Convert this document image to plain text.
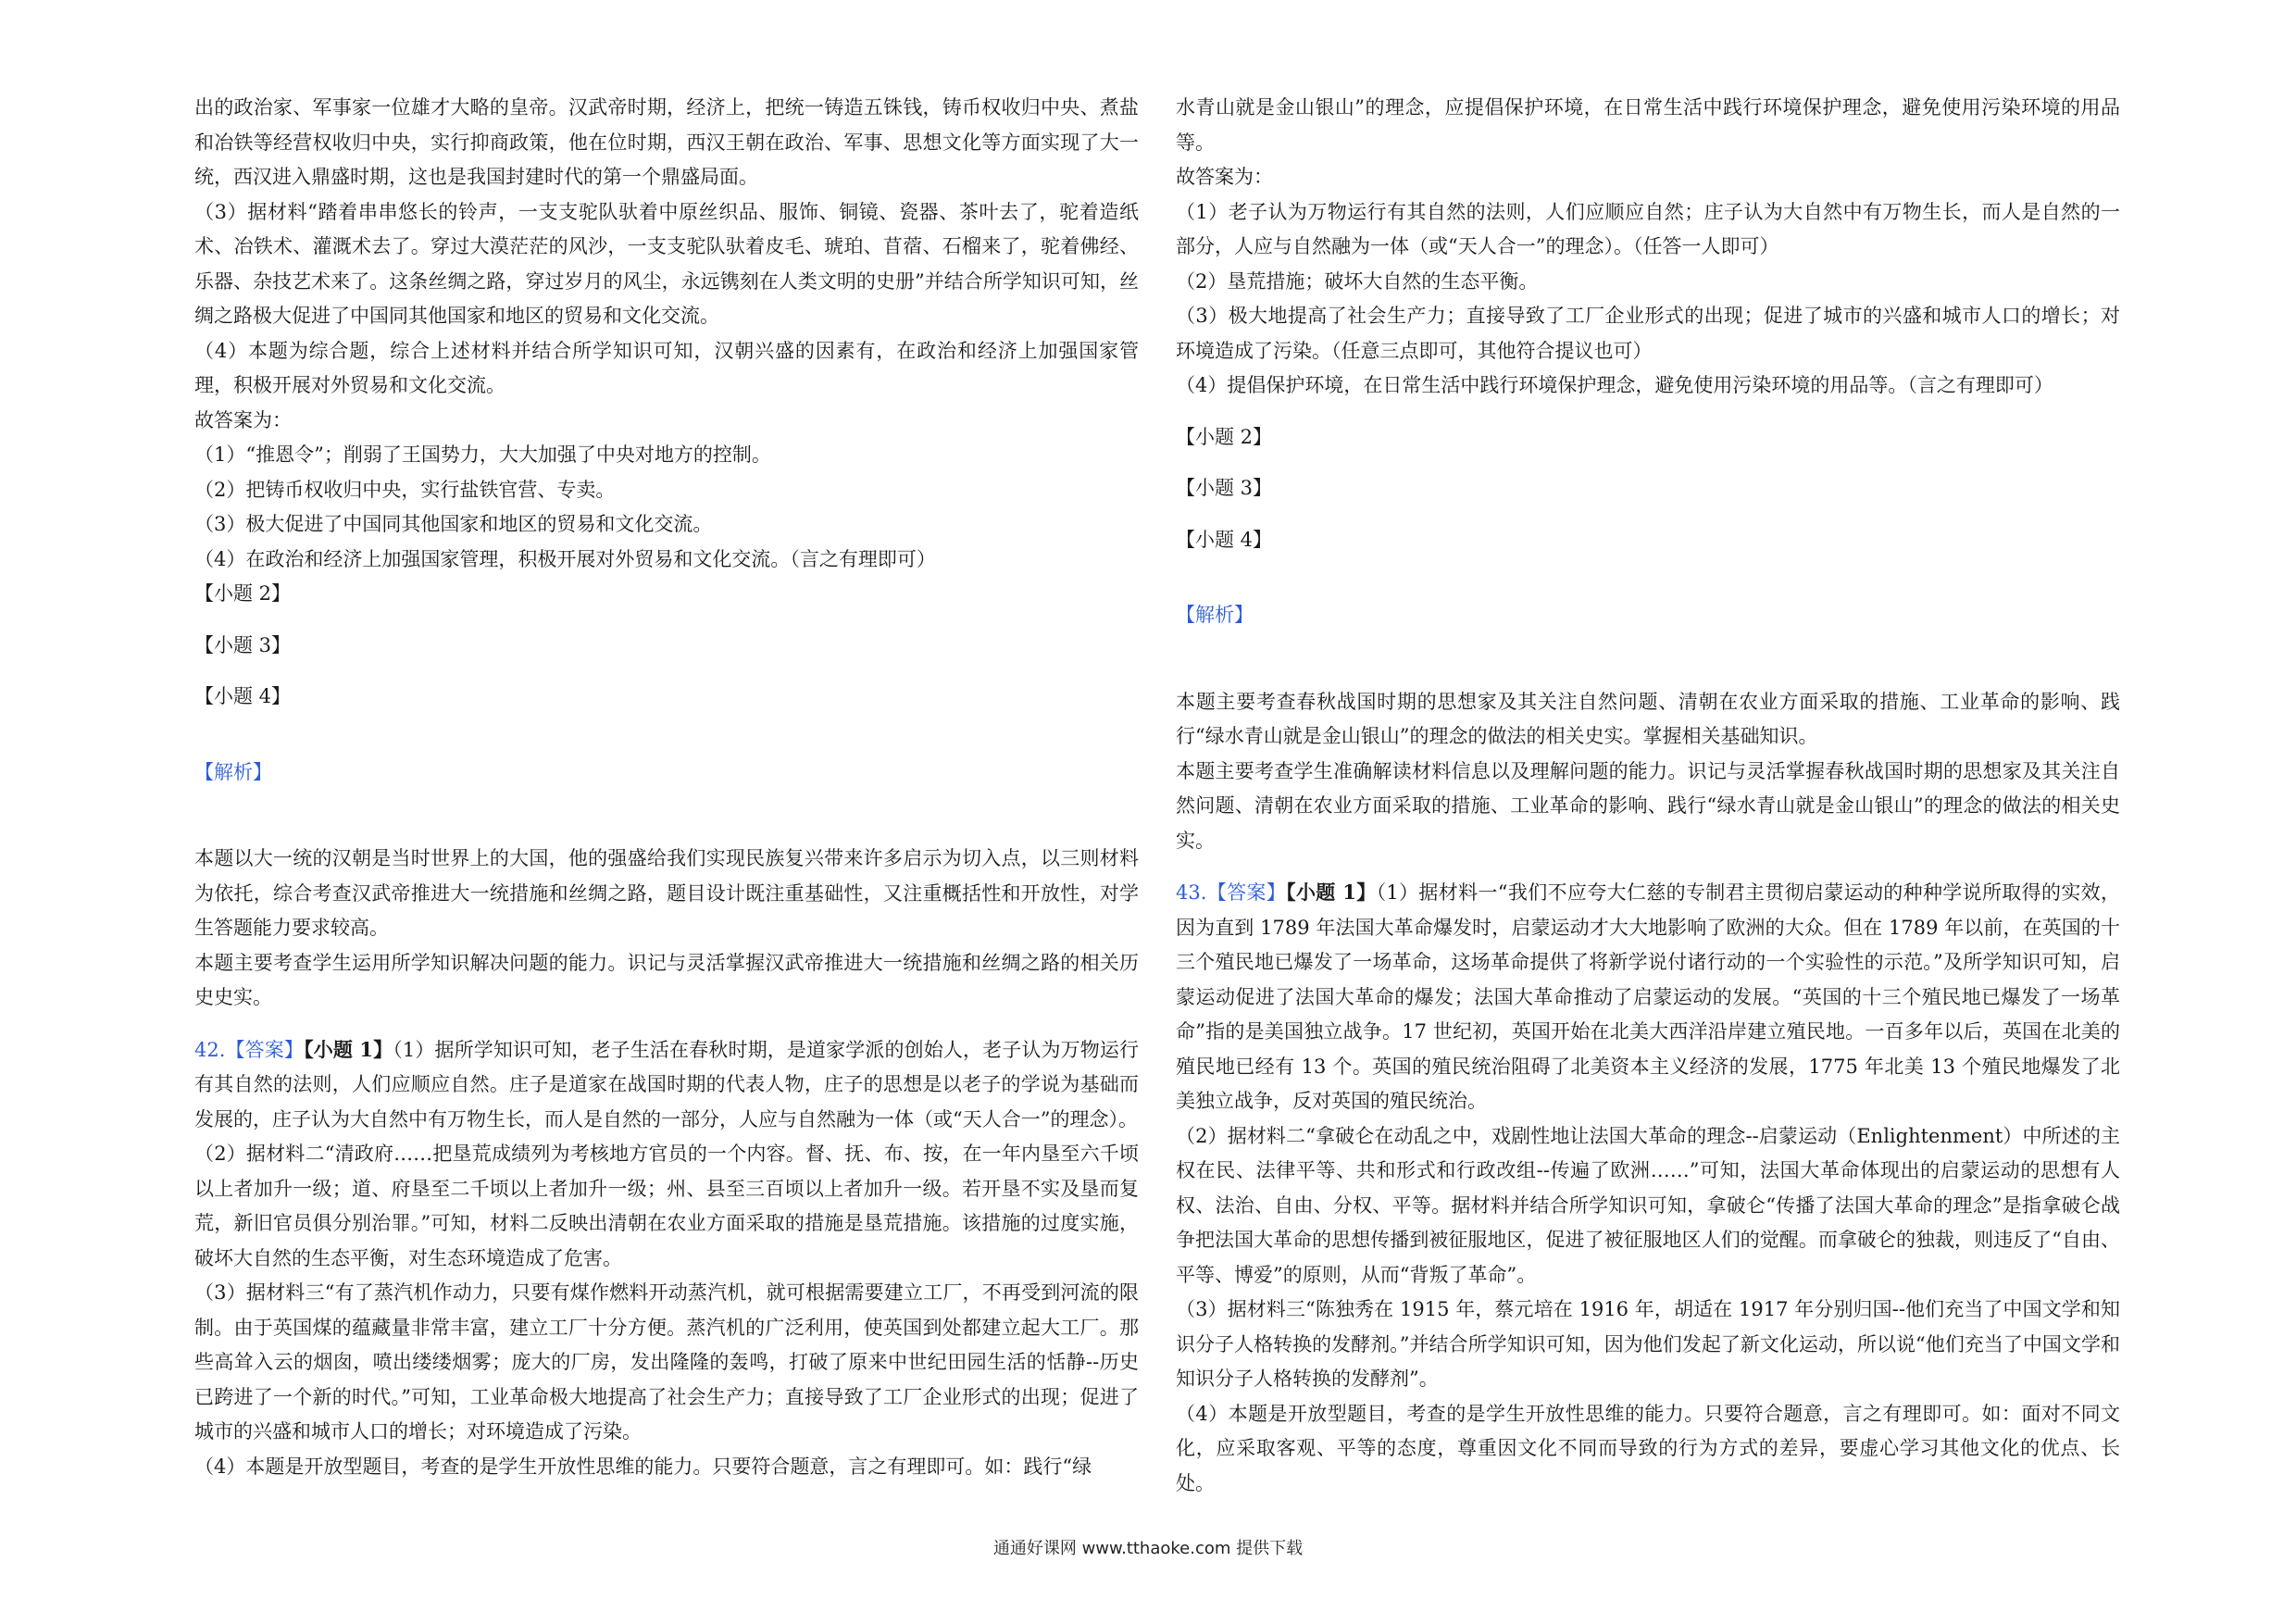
出的政治家、军事家一位雄才大略的皇帝。汉武帝时期，经济上，把统一铸造五铢钱，铸币权收归中央、煮盐和冶铁等经营权收归中央，实行抑商政策，他在位时期，西汉王朝在政治、军事、思想文化等方面实现了大一统，西汉进入鼎盛时期，这也是我国封建时代的第一个鼎盛局面。

（3）据材料“踏着串串悠长的铃声，一支支驼队驮着中原丝织品、服饰、铜镜、瓷器、茶叶去了，驼着造纸术、冶铁术、灌溉术去了。穿过大漠茫茫的风沙，一支支驼队驮着皮毛、琥珀、苜蓿、石榴来了，驼着佛经、乐器、杂技艺术来了。这条丝绸之路，穿过岁月的风尘，永远镌刻在人类文明的史册”并结合所学知识可知，丝绸之路极大促进了中国同其他国家和地区的贸易和文化交流。

（4）本题为综合题，综合上述材料并结合所学知识可知，汉朝兴盛的因素有，在政治和经济上加强国家管理，积极开展对外贸易和文化交流。

故答案为：

（1）“推恩令”；削弱了王国势力，大大加强了中央对地方的控制。

（2）把铸币权收归中央，实行盐铁官营、专卖。

（3）极大促进了中国同其他国家和地区的贸易和文化交流。

（4）在政治和经济上加强国家管理，积极开展对外贸易和文化交流。（言之有理即可）

【小题 2】

【小题 3】

【小题 4】

【解析】

本题以大一统的汉朝是当时世界上的大国，他的强盛给我们实现民族复兴带来许多启示为切入点，以三则材料为依托，综合考查汉武帝推进大一统措施和丝绸之路，题目设计既注重基础性，又注重概括性和开放性，对学生答题能力要求较高。

本题主要考查学生运用所学知识解决问题的能力。识记与灵活掌握汉武帝推进大一统措施和丝绸之路的相关历史史实。

42.【答案】【小题 1】（1）据所学知识可知，老子生活在春秋时期，是道家学派的创始人，老子认为万物运行有其自然的法则，人们应顺应自然。庄子是道家在战国时期的代表人物，庄子的思想是以老子的学说为基础而发展的，庄子认为大自然中有万物生长，而人是自然的一部分，人应与自然融为一体（或“天人合一”的理念）。

（2）据材料二“清政府……把垦荒成绩列为考核地方官员的一个内容。督、抚、布、按，在一年内垦至六千顷以上者加升一级；道、府垦至二千顷以上者加升一级；州、县至三百顷以上者加升一级。若开垦不实及垦而复荒，新旧官员俱分别治罪。”可知，材料二反映出清朝在农业方面采取的措施是垦荒措施。该措施的过度实施，破坏大自然的生态平衡，对生态环境造成了危害。

（3）据材料三“有了蒸汽机作动力，只要有煤作燃料开动蒸汽机，就可根据需要建立工厂，不再受到河流的限制。由于英国煤的蕴藏量非常丰富，建立工厂十分方便。蒸汽机的广泛利用，使英国到处都建立起大工厂。那些高耸入云的烟囱，喷出缕缕烟雾；庞大的厂房，发出隆隆的轰鸣，打破了原来中世纪田园生活的恬静--历史已跨进了一个新的时代。”可知，工业革命极大地提高了社会生产力；直接导致了工厂企业形式的出现；促进了城市的兴盛和城市人口的增长；对环境造成了污染。

（4）本题是开放型题目，考查的是学生开放性思维的能力。只要符合题意，言之有理即可。如：践行“绿

水青山就是金山银山”的理念，应提倡保护环境，在日常生活中践行环境保护理念，避免使用污染环境的用品等。

故答案为：

（1）老子认为万物运行有其自然的法则，人们应顺应自然；庄子认为大自然中有万物生长，而人是自然的一部分，人应与自然融为一体（或“天人合一”的理念）。（任答一人即可）

（2）垦荒措施；破坏大自然的生态平衡。

（3）极大地提高了社会生产力；直接导致了工厂企业形式的出现；促进了城市的兴盛和城市人口的增长；对环境造成了污染。（任意三点即可，其他符合提议也可）

（4）提倡保护环境，在日常生活中践行环境保护理念，避免使用污染环境的用品等。（言之有理即可）

【小题 2】

【小题 3】

【小题 4】

【解析】

本题主要考查春秋战国时期的思想家及其关注自然问题、清朝在农业方面采取的措施、工业革命的影响、践行“绿水青山就是金山银山”的理念的做法的相关史实。掌握相关基础知识。

本题主要考查学生准确解读材料信息以及理解问题的能力。识记与灵活掌握春秋战国时期的思想家及其关注自然问题、清朝在农业方面采取的措施、工业革命的影响、践行“绿水青山就是金山银山”的理念的做法的相关史实。

43.【答案】【小题 1】（1）据材料一“我们不应夸大仁慈的专制君主贯彻启蒙运动的种种学说所取得的实效，因为直到 1789 年法国大革命爆发时，启蒙运动才大大地影响了欧洲的大众。但在 1789 年以前，在英国的十三个殖民地已爆发了一场革命，这场革命提供了将新学说付诸行动的一个实验性的示范。”及所学知识可知，启蒙运动促进了法国大革命的爆发；法国大革命推动了启蒙运动的发展。“英国的十三个殖民地已爆发了一场革命”指的是美国独立战争。17 世纪初，英国开始在北美大西洋沿岸建立殖民地。一百多年以后，英国在北美的殖民地已经有 13 个。英国的殖民统治阻碍了北美资本主义经济的发展，1775 年北美 13 个殖民地爆发了北美独立战争，反对英国的殖民统治。

（2）据材料二“拿破仑在动乱之中，戏剧性地让法国大革命的理念--启蒙运动（Enlightenment）中所述的主权在民、法律平等、共和形式和行政改组--传遍了欧洲……”可知，法国大革命体现出的启蒙运动的思想有人权、法治、自由、分权、平等。据材料并结合所学知识可知，拿破仑“传播了法国大革命的理念”是指拿破仑战争把法国大革命的思想传播到被征服地区，促进了被征服地区人们的觉醒。而拿破仑的独裁，则违反了“自由、平等、博爱”的原则，从而“背叛了革命”。

（3）据材料三“陈独秀在 1915 年，蔡元培在 1916 年，胡适在 1917 年分别归国--他们充当了中国文学和知识分子人格转换的发酵剂。”并结合所学知识可知，因为他们发起了新文化运动，所以说“他们充当了中国文学和知识分子人格转换的发酵剂”。

（4）本题是开放型题目，考查的是学生开放性思维的能力。只要符合题意，言之有理即可。如：面对不同文化，应采取客观、平等的态度，尊重因文化不同而导致的行为方式的差异，要虚心学习其他文化的优点、长处。

通通好课网 www.tthaoke.com 提供下载
